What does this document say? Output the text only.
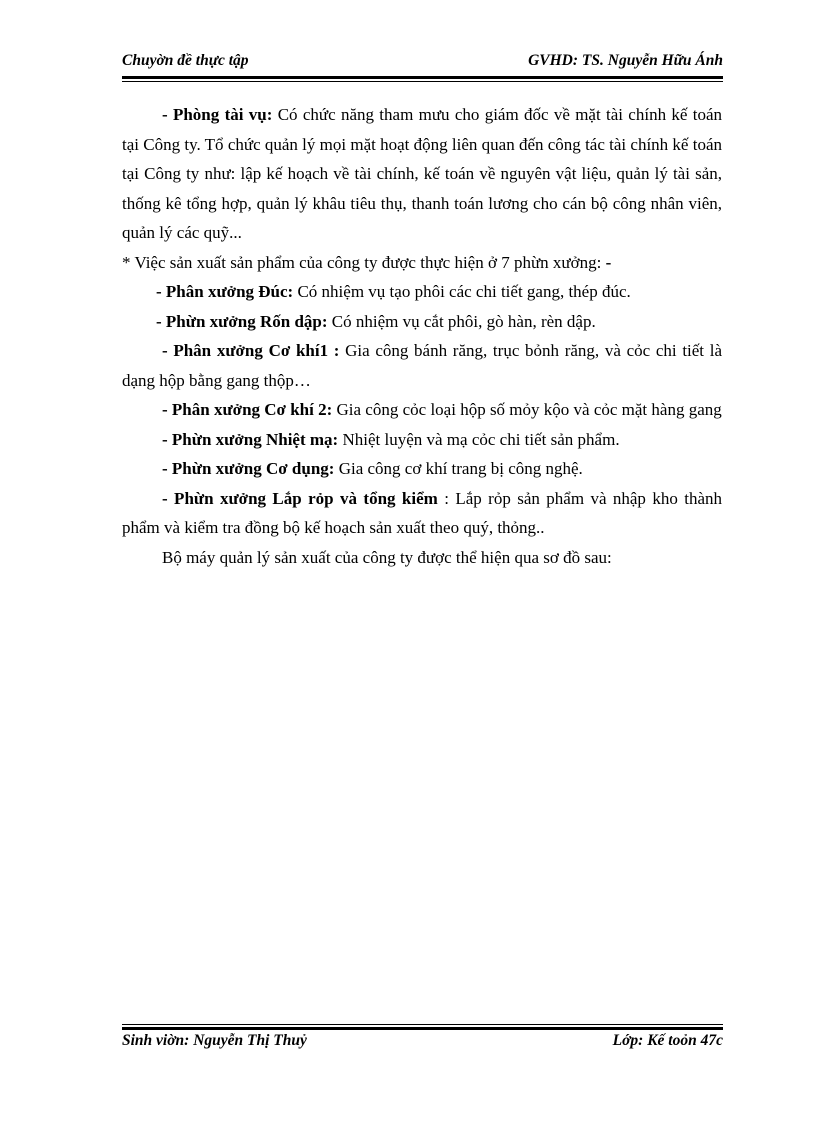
Chuyờn đề thực tập	GVHD: TS. Nguyễn Hữu Ánh

- Phòng tài vụ: Có chức năng tham mưu cho giám đốc về mặt tài chính kế toán tại Công ty. Tổ chức quản lý mọi mặt hoạt động liên quan đến công tác tài chính kế toán tại Công ty như: lập kế hoạch về tài chính, kế toán về nguyên vật liệu, quản lý tài sản, thống kê tổng hợp, quản lý khâu tiêu thụ, thanh toán lương cho cán bộ công nhân viên, quản lý các quỹ...

* Việc sản xuất sản phẩm của công ty được thực hiện ở 7 phừn xưởng: -

- Phân xưởng Đúc: Có nhiệm vụ tạo phôi các chi tiết gang, thép đúc.

- Phừn xưởng Rốn dập: Có nhiệm vụ cắt phôi, gò hàn, rèn dập.

- Phân xưởng Cơ khí1 : Gia công bánh răng, trục bỏnh răng, và cỏc chi tiết là dạng hộp bằng gang thộp…

- Phân xưởng Cơ khí 2: Gia công cỏc loại hộp số mỏy kộo và cỏc mặt hàng gang

- Phừn xưởng Nhiệt mạ: Nhiệt luyện và mạ cỏc chi tiết sản phẩm.

- Phừn xưởng Cơ dụng: Gia công cơ khí trang bị công nghệ.

- Phừn xưởng Lắp rỏp và tổng kiểm : Lắp rỏp sản phẩm và nhập kho thành phẩm và kiểm tra đồng bộ kế hoạch sản xuất theo quý, thỏng..

Bộ máy quản lý sản xuất của công ty được thể hiện qua sơ đồ sau:

Sinh viờn: Nguyễn Thị Thuỷ	Lớp: Kế toỏn 47c
